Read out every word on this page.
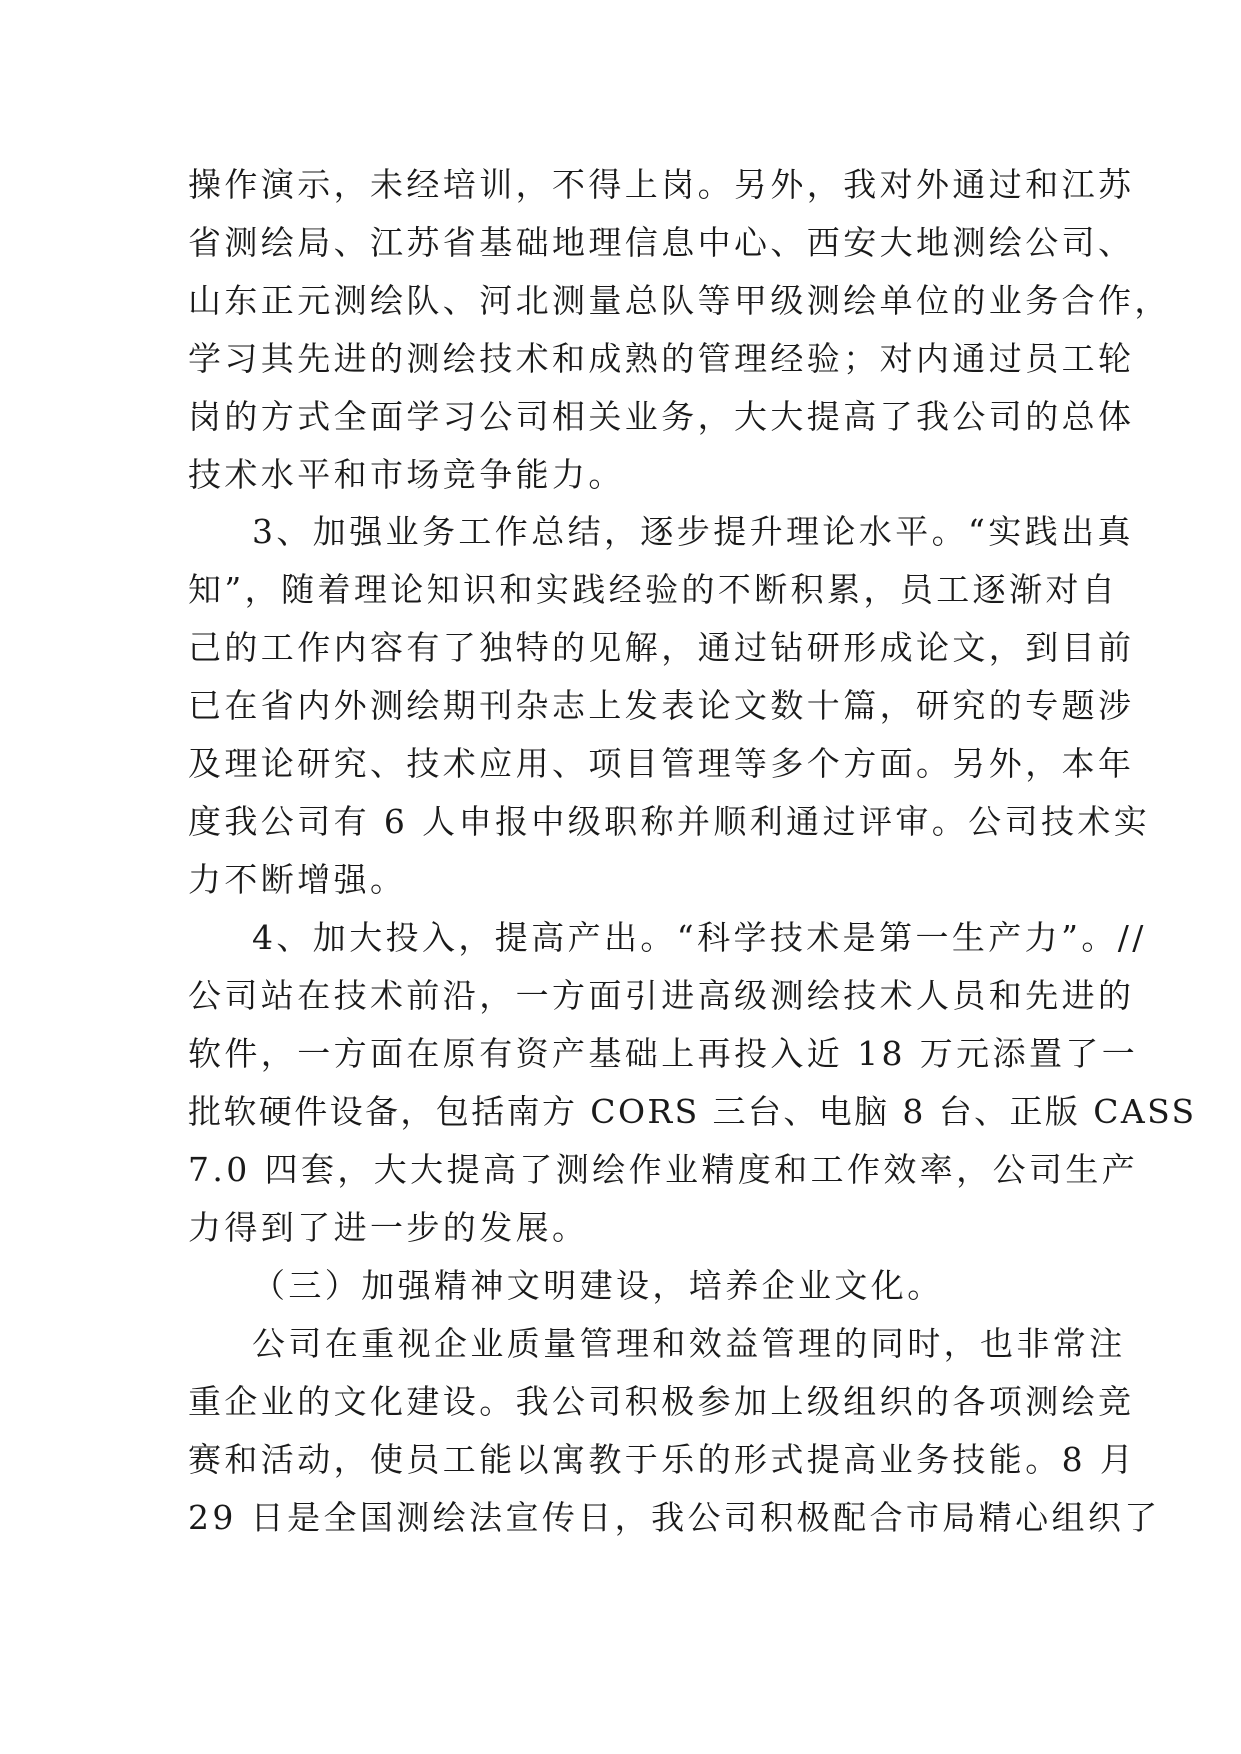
操作演示，未经培训，不得上岗。另外，我对外通过和江苏
省测绘局、江苏省基础地理信息中心、西安大地测绘公司、
山东正元测绘队、河北测量总队等甲级测绘单位的业务合作，
学习其先进的测绘技术和成熟的管理经验；对内通过员工轮
岗的方式全面学习公司相关业务，大大提高了我公司的总体
技术水平和市场竞争能力。
3、加强业务工作总结，逐步提升理论水平。“实践出真
知”，随着理论知识和实践经验的不断积累，员工逐渐对自
己的工作内容有了独特的见解，通过钻研形成论文，到目前
已在省内外测绘期刊杂志上发表论文数十篇，研究的专题涉
及理论研究、技术应用、项目管理等多个方面。另外，本年
度我公司有 6 人申报中级职称并顺利通过评审。公司技术实
力不断增强。
4、加大投入，提高产出。“科学技术是第一生产力”。//
公司站在技术前沿，一方面引进高级测绘技术人员和先进的
软件，一方面在原有资产基础上再投入近 18 万元添置了一
批软硬件设备，包括南方 CORS 三台、电脑 8 台、正版 CASS
7.0 四套，大大提高了测绘作业精度和工作效率，公司生产
力得到了进一步的发展。
（三）加强精神文明建设，培养企业文化。
公司在重视企业质量管理和效益管理的同时，也非常注
重企业的文化建设。我公司积极参加上级组织的各项测绘竞
赛和活动，使员工能以寓教于乐的形式提高业务技能。8 月
29 日是全国测绘法宣传日，我公司积极配合市局精心组织了
